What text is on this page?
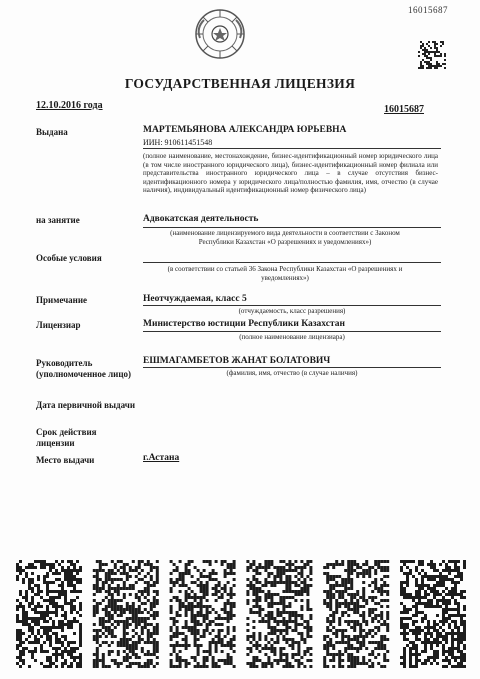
16015687
ГОСУДАРСТВЕННАЯ ЛИЦЕНЗИЯ
12.10.2016 года	16015687
Выдана	МАРТЕМЬЯНОВА АЛЕКСАНДРА ЮРЬЕВНА
ИИН: 910611451548
(полное наименование, местонахождение, бизнес-идентификационный номер юридического лица (в том числе иностранного юридического лица), бизнес-идентификационный номер филиала или представительства иностранного юридического лица – в случае отсутствия бизнес-идентификационного номера у юридического лица/полностью фамилия, имя, отчество (в случае наличия), индивидуальный идентификационный номер физического лица)
на занятие	Адвокатская деятельность
(наименование лицензируемого вида деятельности в соответствии с Законом Республики Казахстан «О разрешениях и уведомлениях»)
Особые условия
(в соответствии со статьей 36 Закона Республики Казахстан «О разрешениях и уведомлениях»)
Примечание	Неотчуждаемая, класс 5
(отчуждаемость, класс разрешения)
Лицензиар	Министерство юстиции Республики Казахстан
(полное наименование лицензиара)
Руководитель
(уполномоченное лицо)
ЕШМАГАМБЕТОВ ЖАНАТ БОЛАТОВИЧ
(фамилия, имя, отчество (в случае наличия)
Дата первичной выдачи
Срок действия
лицензии
Место выдачи	г.Астана
